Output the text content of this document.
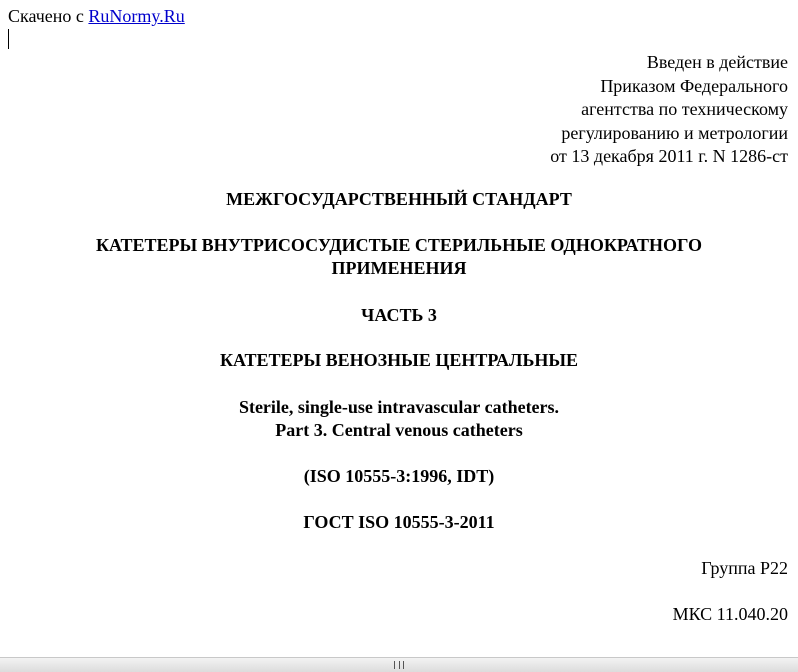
Скачено с RuNormy.Ru
Введен в действие
Приказом Федерального
агентства по техническому
регулированию и метрологии
от 13 декабря 2011 г. N 1286-ст
МЕЖГОСУДАРСТВЕННЫЙ СТАНДАРТ
КАТЕТЕРЫ ВНУТРИСОСУДИСТЫЕ СТЕРИЛЬНЫЕ ОДНОКРАТНОГО
ПРИМЕНЕНИЯ
ЧАСТЬ 3
КАТЕТЕРЫ ВЕНОЗНЫЕ ЦЕНТРАЛЬНЫЕ
Sterile, single-use intravascular catheters.
Part 3. Central venous catheters
(ISO 10555-3:1996, IDT)
ГОСТ ISO 10555-3-2011
Группа Р22
МКС 11.040.20
